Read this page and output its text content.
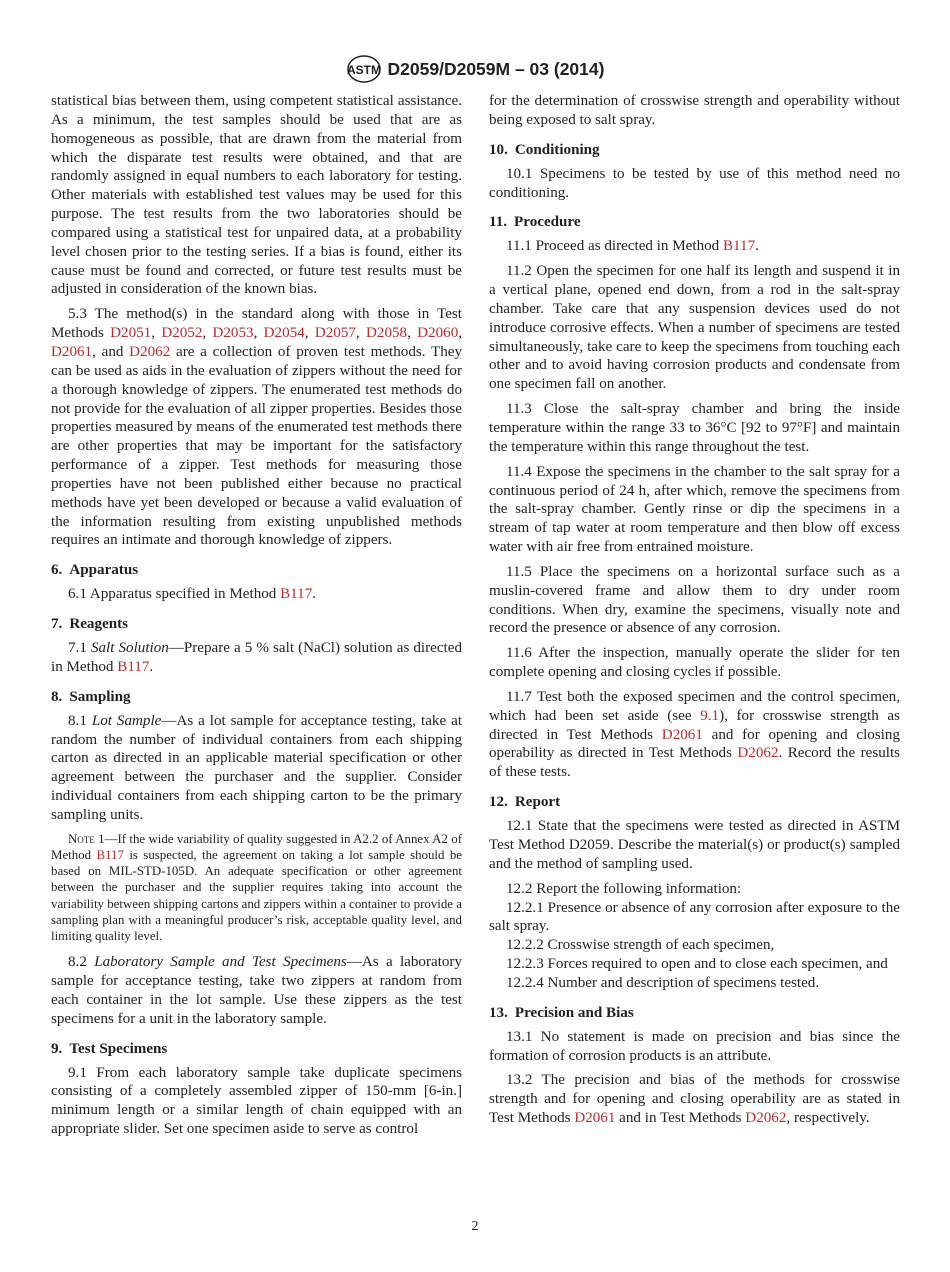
ASTM D2059/D2059M – 03 (2014)

statistical bias between them, using competent statistical assistance. As a minimum, the test samples should be used that are as homogeneous as possible, that are drawn from the material from which the disparate test results were obtained, and that are randomly assigned in equal numbers to each laboratory for testing. Other materials with established test values may be used for this purpose. The test results from the two laboratories should be compared using a statistical test for unpaired data, at a probability level chosen prior to the testing series. If a bias is found, either its cause must be found and corrected, or future test results must be adjusted in consideration of the known bias.

5.3 The method(s) in the standard along with those in Test Methods D2051, D2052, D2053, D2054, D2057, D2058, D2060, D2061, and D2062 are a collection of proven test methods. They can be used as aids in the evaluation of zippers without the need for a thorough knowledge of zippers. The enumerated test methods do not provide for the evaluation of all zipper properties. Besides those properties measured by means of the enumerated test methods there are other properties that may be important for the satisfactory performance of a zipper. Test methods for measuring those properties have not been published either because no practical methods have yet been developed or because a valid evaluation of the information resulting from existing unpublished methods requires an intimate and thorough knowledge of zippers.

6. Apparatus

6.1 Apparatus specified in Method B117.

7. Reagents

7.1 Salt Solution—Prepare a 5 % salt (NaCl) solution as directed in Method B117.

8. Sampling

8.1 Lot Sample—As a lot sample for acceptance testing, take at random the number of individual containers from each shipping carton as directed in an applicable material specification or other agreement between the purchaser and the supplier. Consider individual containers from each shipping carton to be the primary sampling units.

Note 1—If the wide variability of quality suggested in A2.2 of Annex A2 of Method B117 is suspected, the agreement on taking a lot sample should be based on MIL-STD-105D. An adequate specification or other agreement between the purchaser and the supplier requires taking into account the variability between shipping cartons and zippers within a container to provide a sampling plan with a meaningful producer’s risk, acceptable quality level, and limiting quality level.

8.2 Laboratory Sample and Test Specimens—As a laboratory sample for acceptance testing, take two zippers at random from each container in the lot sample. Use these zippers as the test specimens for a unit in the laboratory sample.

9. Test Specimens

9.1 From each laboratory sample take duplicate specimens consisting of a completely assembled zipper of 150-mm [6-in.] minimum length or a similar length of chain equipped with an appropriate slider. Set one specimen aside to serve as control

for the determination of crosswise strength and operability without being exposed to salt spray.

10. Conditioning

10.1 Specimens to be tested by use of this method need no conditioning.

11. Procedure

11.1 Proceed as directed in Method B117.

11.2 Open the specimen for one half its length and suspend it in a vertical plane, opened end down, from a rod in the salt-spray chamber. Take care that any suspension devices used do not introduce corrosive effects. When a number of specimens are tested simultaneously, take care to keep the specimens from touching each other and to avoid having corrosion products and condensate from one specimen fall on another.

11.3 Close the salt-spray chamber and bring the inside temperature within the range 33 to 36°C [92 to 97°F] and maintain the temperature within this range throughout the test.

11.4 Expose the specimens in the chamber to the salt spray for a continuous period of 24 h, after which, remove the specimens from the salt-spray chamber. Gently rinse or dip the specimens in a stream of tap water at room temperature and then blow off excess water with air free from entrained moisture.

11.5 Place the specimens on a horizontal surface such as a muslin-covered frame and allow them to dry under room conditions. When dry, examine the specimens, visually note and record the presence or absence of any corrosion.

11.6 After the inspection, manually operate the slider for ten complete opening and closing cycles if possible.

11.7 Test both the exposed specimen and the control specimen, which had been set aside (see 9.1), for crosswise strength as directed in Test Methods D2061 and for opening and closing operability as directed in Test Methods D2062. Record the results of these tests.

12. Report

12.1 State that the specimens were tested as directed in ASTM Test Method D2059. Describe the material(s) or product(s) sampled and the method of sampling used.

12.2 Report the following information:

12.2.1 Presence or absence of any corrosion after exposure to the salt spray.

12.2.2 Crosswise strength of each specimen,

12.2.3 Forces required to open and to close each specimen, and

12.2.4 Number and description of specimens tested.

13. Precision and Bias

13.1 No statement is made on precision and bias since the formation of corrosion products is an attribute.

13.2 The precision and bias of the methods for crosswise strength and for opening and closing operability are as stated in Test Methods D2061 and in Test Methods D2062, respectively.

2
